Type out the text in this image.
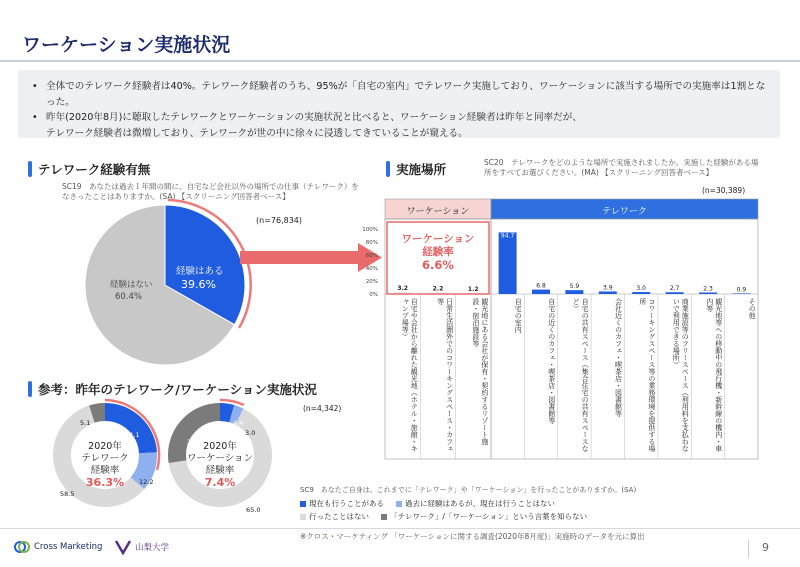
ワーケーション実施状況
• 全体でのテレワーク経験者は40%。テレワーク経験者のうち、95%が「自宅の室内」でテレワーク実施しており、ワーケーションに該当する場所での実施率は1割となった。
• 昨年(2020年8月)に聴取したテレワークとワーケーションの実施状況と比べると、ワーケーション経験者は昨年と同率だが、
テレワーク経験者は微増しており、テレワークが世の中に徐々に浸透してきていることが窺える。
テレワーク経験有無
SC19　あなたは過去１年間の間に、自宅など会社以外の場所での仕事（テレワーク）をなさったことはありますか。(SA) 【スクリーニング回答者ベース】
(n=76,834)
100%
80%
60%
40%
20%
0%
3.2	2.2	1.2
94.7
6.8	5.9	3.9	3.0	2.7	2.3	0.9
経験はある
39.6%
経験はない
60.4%
参考：昨年のテレワーク/ワーケーション実施状況
(n=4,342)
24.1
12.2
58.5
5.1
2020年
テレワーク
経験率
36.3%
4.4
3.0
65.0
27.6 2020年
ワーケーション
経験率
7.4%
実施場所	SC20　テレワークをどのような場所で実施されましたか。実施した経験がある場所をすべてお選びください。(MA) 【スクリーニング回答者ベース】
(n=30,389)
ワーケーション	テレワーク
ワーケーション
経験率
6.6%
自宅や会社から離れた観光地（ホテル・旅館・キャンプ場等）	日常生活圏外でのコワーキングスペース・カフェ等	観光地にある会社が保有・契約するリゾート施設・宿泊施設等	自宅の室内	自宅の近くのカフェ・喫茶店・図書館等	自宅の共有スペース（集合住宅の共有スペースなど）	会社近くのカフェ・喫茶店・図書館等	コワーキングスペース等の業務環境を提供する場所	商業施設等のフリースペース（利用料を支払わないで利用できる場所）	観光地等への移動中の飛行機・新幹線の機内・車内等	その他
SC9　あなたご自身は、これまでに「テレワーク」や「ワーケーション」を行ったことがありますか。(SA)
現在も行うことがある	過去に経験はあるが、現在は行うことはない
行ったことはない	「テレワーク」/「ワーケーション」という言葉を知らない
※クロス・マーケティング 「ワーケーションに関する調査(2020年8月度)」実施時のデータを元に算出
9
Cross Marketing	山梨大学
